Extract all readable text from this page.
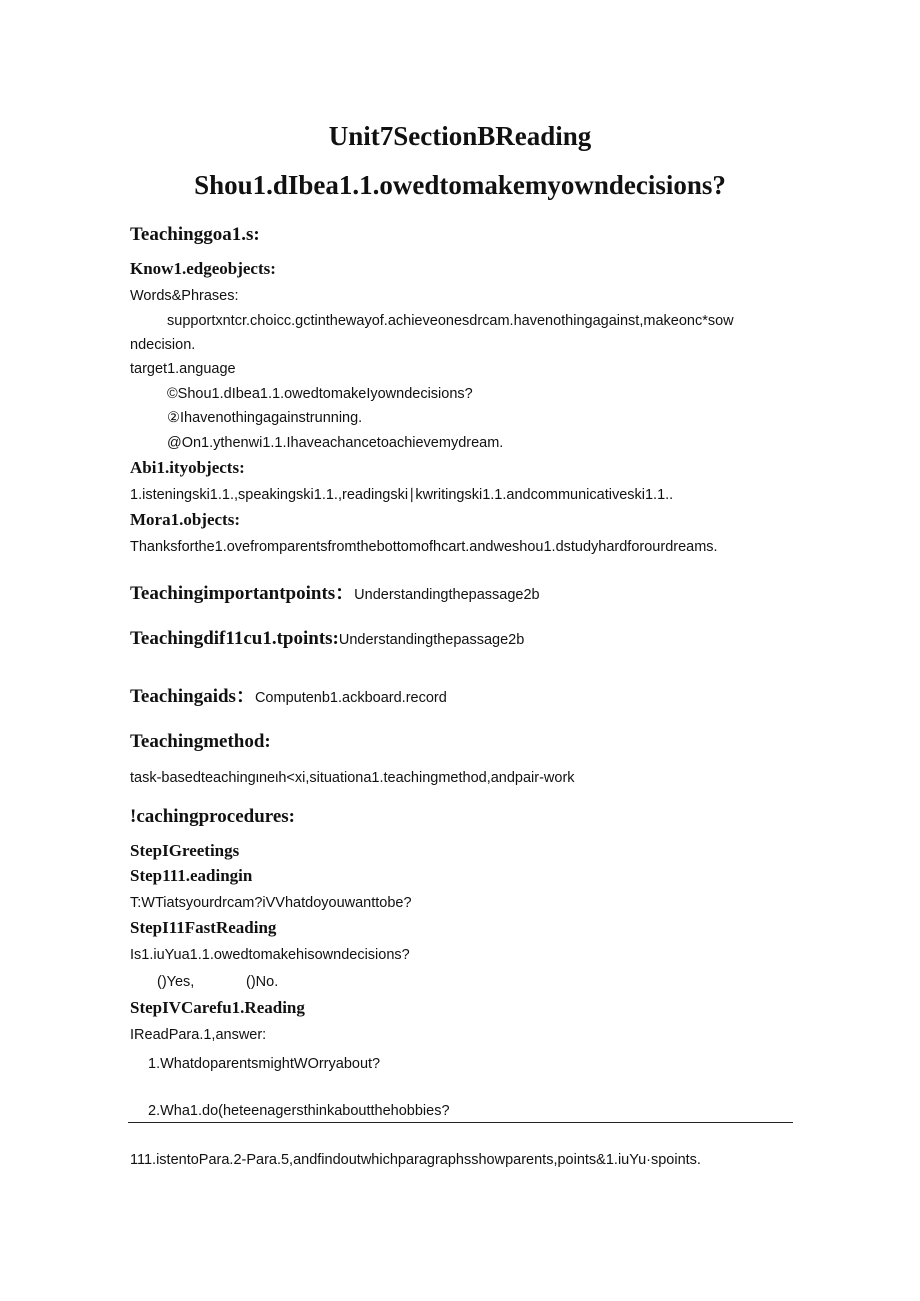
Unit7SectionBReading
Shou1.dIbea1.1.owedtomakemyowndecisions?
Teachinggoa1.s:
Know1.edgeobjects:
Words&Phrases:
supportxntcr.choicc.gctinthewayof.achieveonesdrcam.havenothingagainst,makeonc*sow
ndecision.
target1.anguage
©Shou1.dIbea1.1.owedtomakeIyowndecisions?
②Ihavenothingagainstrunning.
@On1.ythenwi1.1.Ihaveachancetoachievemydream.
Abi1.ityobjects:
1.isteningski1.1.,speakingski1.1.,readingski∣kwritingski1.1.andcommunicativeski1.1..
Mora1.objects:
Thanksforthe1.ovefromparentsfromthebottomofhcart.andweshou1.dstudyhardforourdreams.
Teachingimportantpoints：Understandingthepassage2b
Teachingdif11cu1.tpoints:Understandingthepassage2b
Teachingaids：Computenb1.ackboard.record
Teachingmethod:
task-basedteachingιneιh<xi,situationa1.teachingmethod,andpair-work
!cachingprocedures:
StepIGreetings
Step111.eadingin
T:WTiatsyourdrcam?iVVhatdoyouwanttobe?
StepI11FastReading
Is1.iuYua1.1.owedtomakehisowndecisions?
()Yes,	()No.
StepIVCarefu1.Reading
IReadPara.1,answer:
1.WhatdoparentsmightWOrryabout?
2.Wha1.do(heteenagersthinkaboutthehobbies?
111.istentoPara.2-Para.5,andfindoutwhichparagraphsshowparents,points&1.iuYu·spoints.
